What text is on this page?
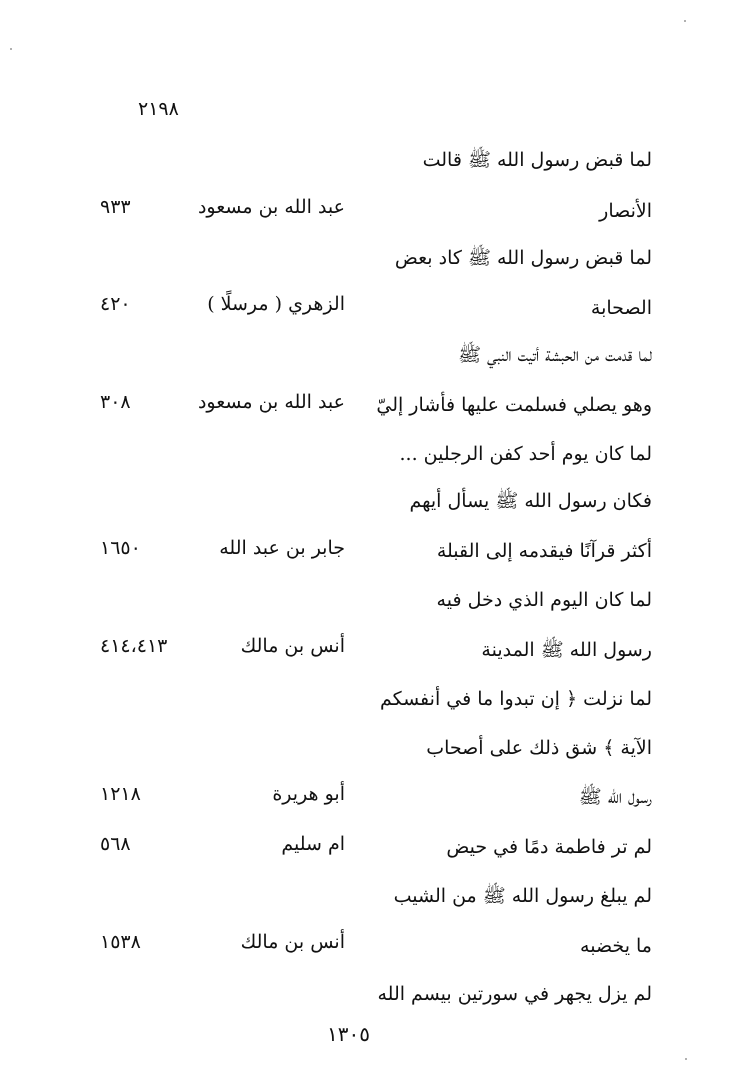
٢١٩٨
لما قبض رسول الله ﷺ قالت
الأنصار
عبد الله بن مسعود
٩٣٣
لما قبض رسول الله ﷺ كاد بعض
الصحابة
الزهري ( مرسلًا )
٤٢٠
لما قدمت من الحبشة أتيت النبي ﷺ
وهو يصلي فسلمت عليها فأشار إليّ
عبد الله بن مسعود
٣٠٨
لما كان يوم أحد كفن الرجلين ...
فكان رسول الله ﷺ يسأل أيهم
أكثر قرآنًا فيقدمه إلى القبلة
جابر بن عبد الله
١٦٥٠
لما كان اليوم الذي دخل فيه
رسول الله ﷺ المدينة
أنس بن مالك
٤١٤،٤١٣
لما نزلت ﴿ إن تبدوا ما في أنفسكم
الآية ﴾ شق ذلك على أصحاب
رسول الله ﷺ
أبو هريرة
١٢١٨
لم تر فاطمة دمًا في حيض
ام سليم
٥٦٨
لم يبلغ رسول الله ﷺ من الشيب
ما يخضبه
أنس بن مالك
١٥٣٨
لم يزل يجهر في سورتين بيسم الله
١٣٠٥
